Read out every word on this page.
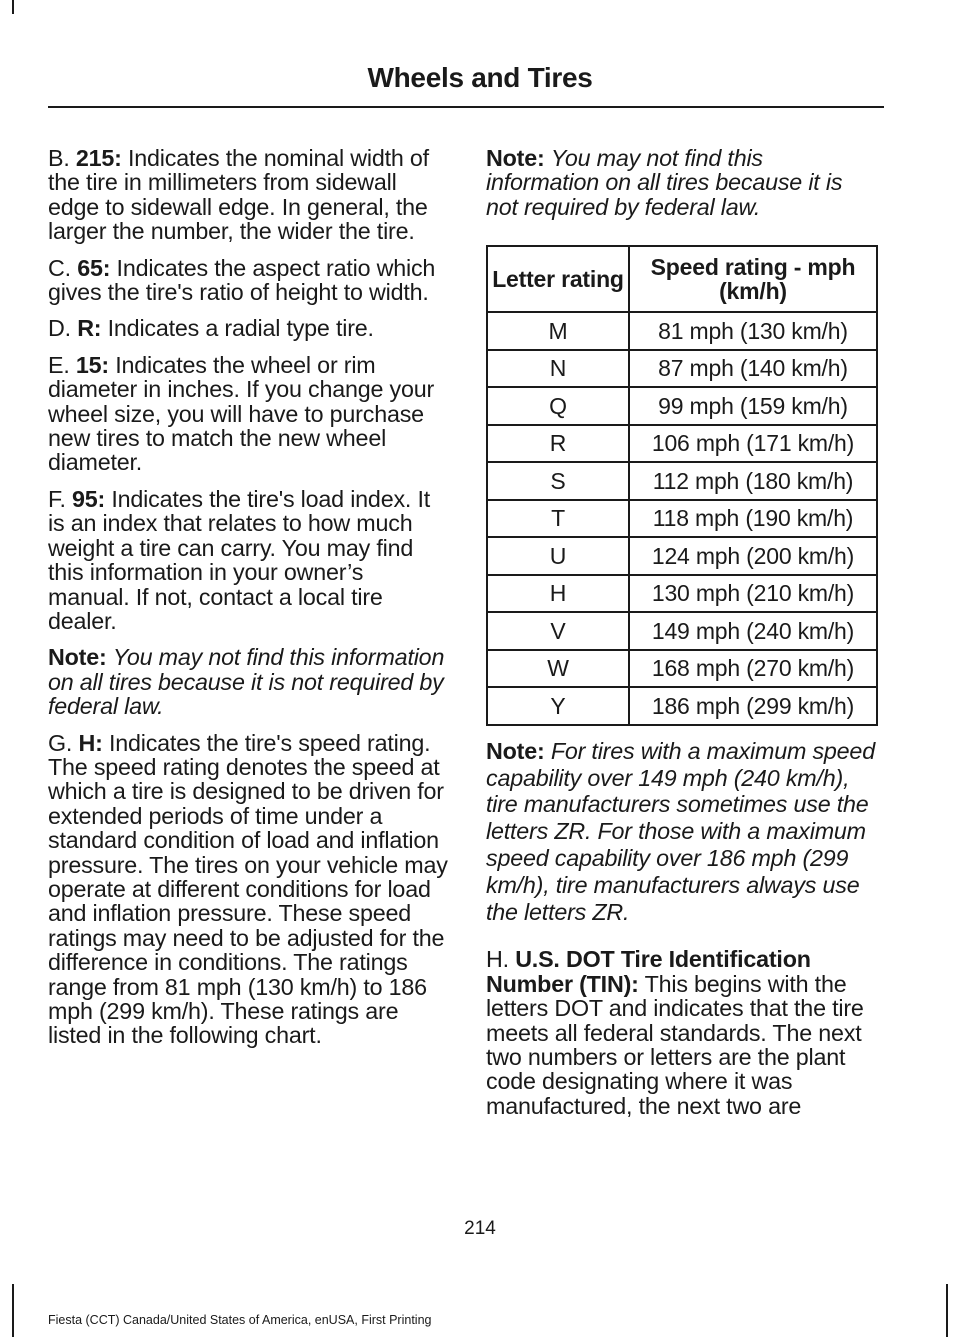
Wheels and Tires

B. 215: Indicates the nominal width of the tire in millimeters from sidewall edge to sidewall edge. In general, the larger the number, the wider the tire.

C. 65: Indicates the aspect ratio which gives the tire's ratio of height to width.

D. R: Indicates a radial type tire.

E. 15: Indicates the wheel or rim diameter in inches. If you change your wheel size, you will have to purchase new tires to match the new wheel diameter.

F. 95: Indicates the tire's load index. It is an index that relates to how much weight a tire can carry. You may find this information in your owner’s manual. If not, contact a local tire dealer.

Note: You may not find this information on all tires because it is not required by federal law.

G. H: Indicates the tire's speed rating. The speed rating denotes the speed at which a tire is designed to be driven for extended periods of time under a standard condition of load and inflation pressure. The tires on your vehicle may operate at different conditions for load and inflation pressure. These speed ratings may need to be adjusted for the difference in conditions. The ratings range from 81 mph (130 km/h) to 186 mph (299 km/h). These ratings are listed in the following chart.

Note: You may not find this information on all tires because it is not required by federal law.

Letter rating	Speed rating - mph (km/h)
M	81 mph (130 km/h)
N	87 mph (140 km/h)
Q	99 mph (159 km/h)
R	106 mph (171 km/h)
S	112 mph (180 km/h)
T	118 mph (190 km/h)
U	124 mph (200 km/h)
H	130 mph (210 km/h)
V	149 mph (240 km/h)
W	168 mph (270 km/h)
Y	186 mph (299 km/h)

Note: For tires with a maximum speed capability over 149 mph (240 km/h), tire manufacturers sometimes use the letters ZR. For those with a maximum speed capability over 186 mph (299 km/h), tire manufacturers always use the letters ZR.

H. U.S. DOT Tire Identification Number (TIN): This begins with the letters DOT and indicates that the tire meets all federal standards. The next two numbers or letters are the plant code designating where it was manufactured, the next two are

214
Fiesta (CCT) Canada/United States of America, enUSA, First Printing
